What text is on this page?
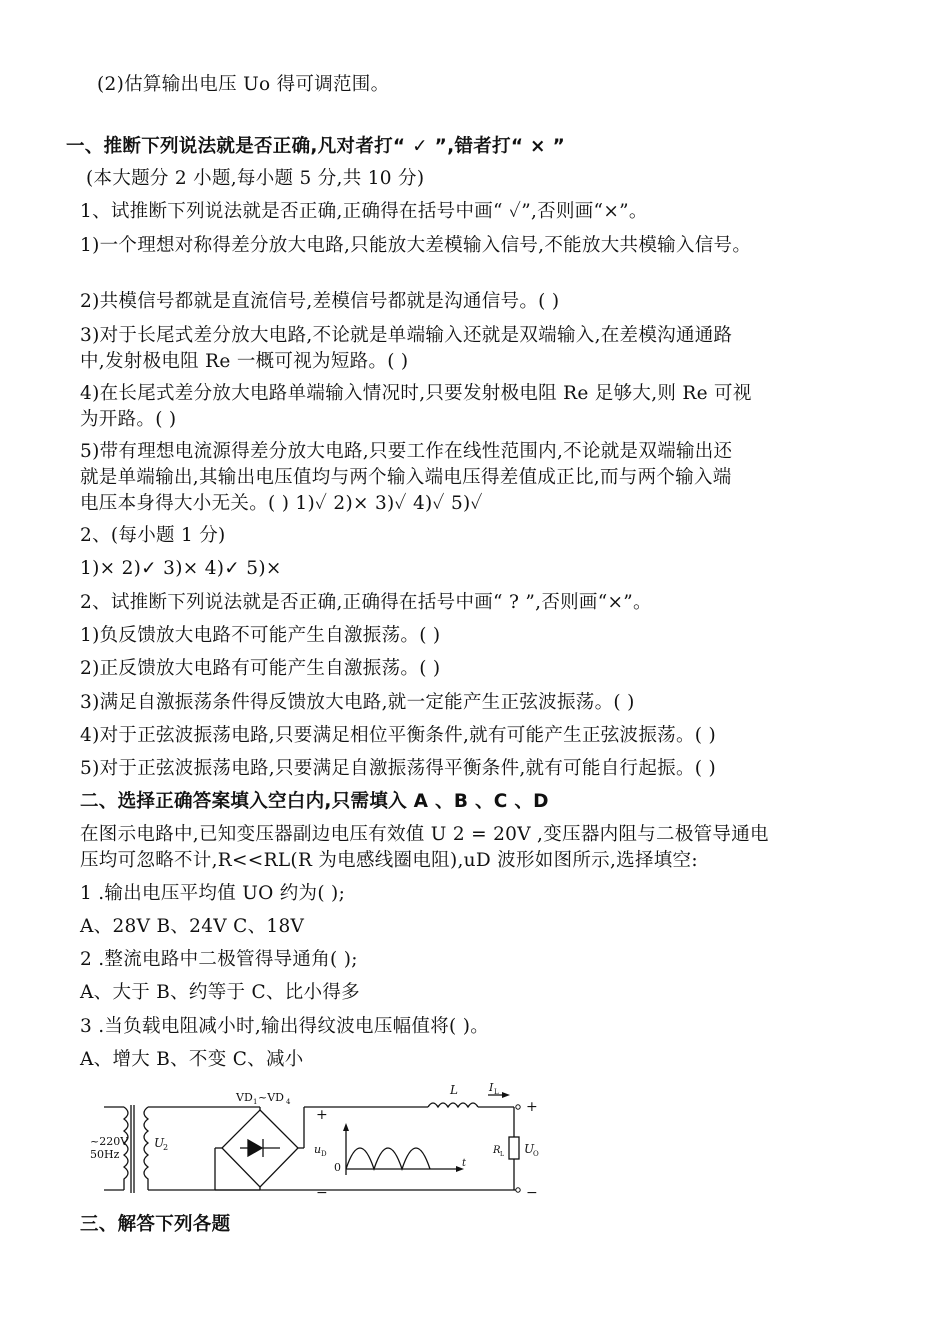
(2)估算输出电压 Uo 得可调范围。
一、推断下列说法就是否正确,凡对者打“ ✓ ”,错者打“ × ”
(本大题分 2 小题,每小题 5 分,共 10 分)
1、试推断下列说法就是否正确,正确得在括号中画“ ✓”,否则画“×”。
1)一个理想对称得差分放大电路,只能放大差模输入信号,不能放大共模输入信号。
2)共模信号都就是直流信号,差模信号都就是沟通信号。( )
3)对于长尾式差分放大电路,不论就是单端输入还就是双端输入,在差模沟通通路
中,发射极电阻 Re 一概可视为短路。( )
4)在长尾式差分放大电路单端输入情况时,只要发射极电阻 Re 足够大,则 Re 可视
为开路。( )
5)带有理想电流源得差分放大电路,只要工作在线性范围内,不论就是双端输出还
就是单端输出,其输出电压值均与两个输入端电压得差值成正比,而与两个输入端
电压本身得大小无关。( ) 1)✓ 2)× 3)✓ 4)✓ 5)✓
2、(每小题 1 分)
1)× 2)✓ 3)× 4)✓ 5)×
2、试推断下列说法就是否正确,正确得在括号中画“ ? ”,否则画“×”。
1)负反馈放大电路不可能产生自激振荡。( )
2)正反馈放大电路有可能产生自激振荡。( )
3)满足自激振荡条件得反馈放大电路,就一定能产生正弦波振荡。( )
4)对于正弦波振荡电路,只要满足相位平衡条件,就有可能产生正弦波振荡。( )
5)对于正弦波振荡电路,只要满足自激振荡得平衡条件,就有可能自行起振。( )
二、选择正确答案填入空白内,只需填入 A 、B 、C 、D
在图示电路中,已知变压器副边电压有效值 U 2 = 20V ,变压器内阻与二极管导通电
压均可忽略不计,R<<RL(R 为电感线圈电阻),uD 波形如图所示,选择填空:
1 .输出电压平均值 UO 约为( );
A、28V B、24V C、18V
2 .整流电路中二极管得导通角( );
A、大于 B、约等于 C、比小得多
3 .当负载电阻减小时,输出得纹波电压幅值将( )。
A、增大 B、不变 C、减小
~220V
50Hz
U
2
VD 1 ~VD 4
L	I L
+
−
u D
0	t
R L U
O
+
−
三、解答下列各题
